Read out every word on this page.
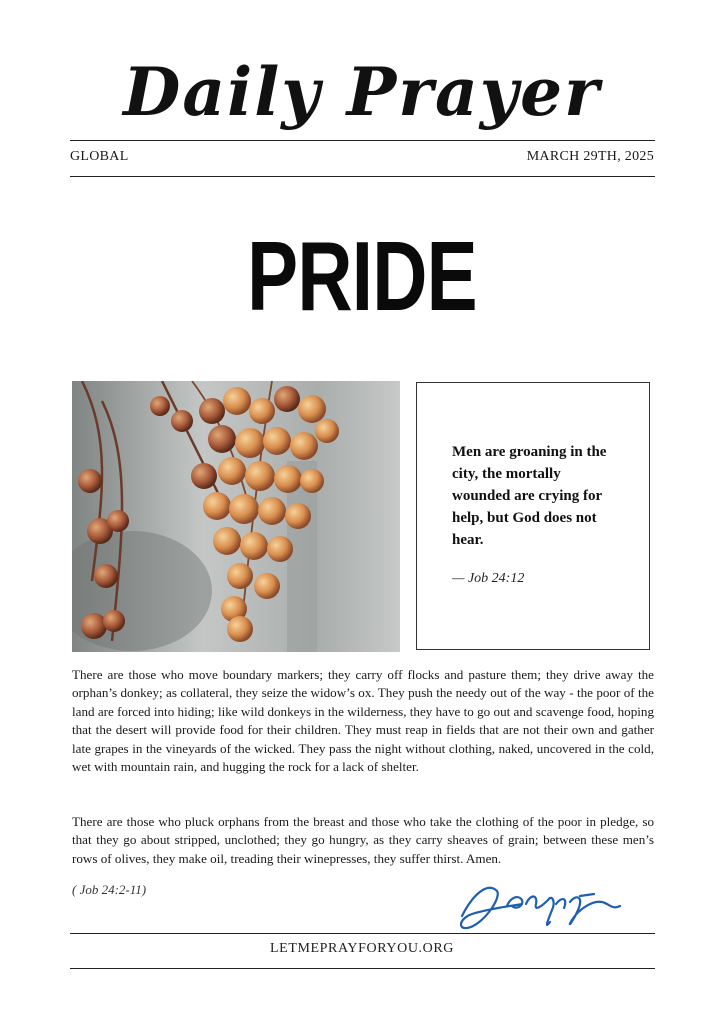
Daily Prayer
GLOBAL	MARCH 29TH, 2025
PRIDE
Men are groaning in the city, the mortally wounded are crying for help, but God does not hear.
— Job 24:12

There are those who move boundary markers; they carry off flocks and pasture them; they drive away the orphan’s donkey; as collateral, they seize the widow’s ox. They push the needy out of the way - the poor of the land are forced into hiding; like wild donkeys in the wilderness, they have to go out and scavenge food, hoping that the desert will provide food for their children. They must reap in fields that are not their own and gather late grapes in the vineyards of the wicked. They pass the night without clothing, naked, uncovered in the cold, wet with mountain rain, and hugging the rock for a lack of shelter.

There are those who pluck orphans from the breast and those who take the clothing of the poor in pledge, so that they go about stripped, unclothed; they go hungry, as they carry sheaves of grain; between these men’s rows of olives, they make oil, treading their winepresses, they suffer thirst. Amen.

( Job 24:2-11)
LETMEPRAYFORYOU.ORG
